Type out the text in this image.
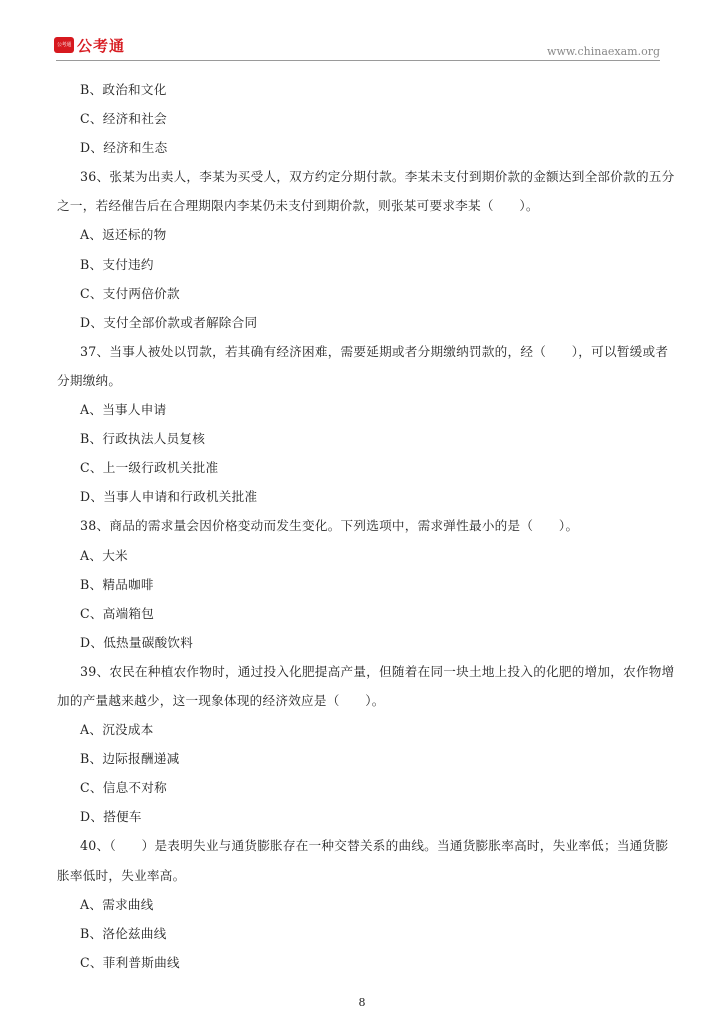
公考通 公考通	www.chinaexam.org
B、政治和文化
C、经济和社会
D、经济和生态
36、张某为出卖人，李某为买受人，双方约定分期付款。李某未支付到期价款的金额达到全部价款的五分
之一，若经催告后在合理期限内李某仍未支付到期价款，则张某可要求李某（　　）。
A、返还标的物
B、支付违约
C、支付两倍价款
D、支付全部价款或者解除合同
37、当事人被处以罚款，若其确有经济困难，需要延期或者分期缴纳罚款的，经（　　），可以暂缓或者
分期缴纳。
A、当事人申请
B、行政执法人员复核
C、上一级行政机关批准
D、当事人申请和行政机关批准
38、商品的需求量会因价格变动而发生变化。下列选项中，需求弹性最小的是（　　）。
A、大米
B、精品咖啡
C、高端箱包
D、低热量碳酸饮料
39、农民在种植农作物时，通过投入化肥提高产量，但随着在同一块土地上投入的化肥的增加，农作物增
加的产量越来越少，这一现象体现的经济效应是（　　）。
A、沉没成本
B、边际报酬递减
C、信息不对称
D、搭便车
40、（　　）是表明失业与通货膨胀存在一种交替关系的曲线。当通货膨胀率高时，失业率低；当通货膨
胀率低时，失业率高。
A、需求曲线
B、洛伦兹曲线
C、菲利普斯曲线
8
